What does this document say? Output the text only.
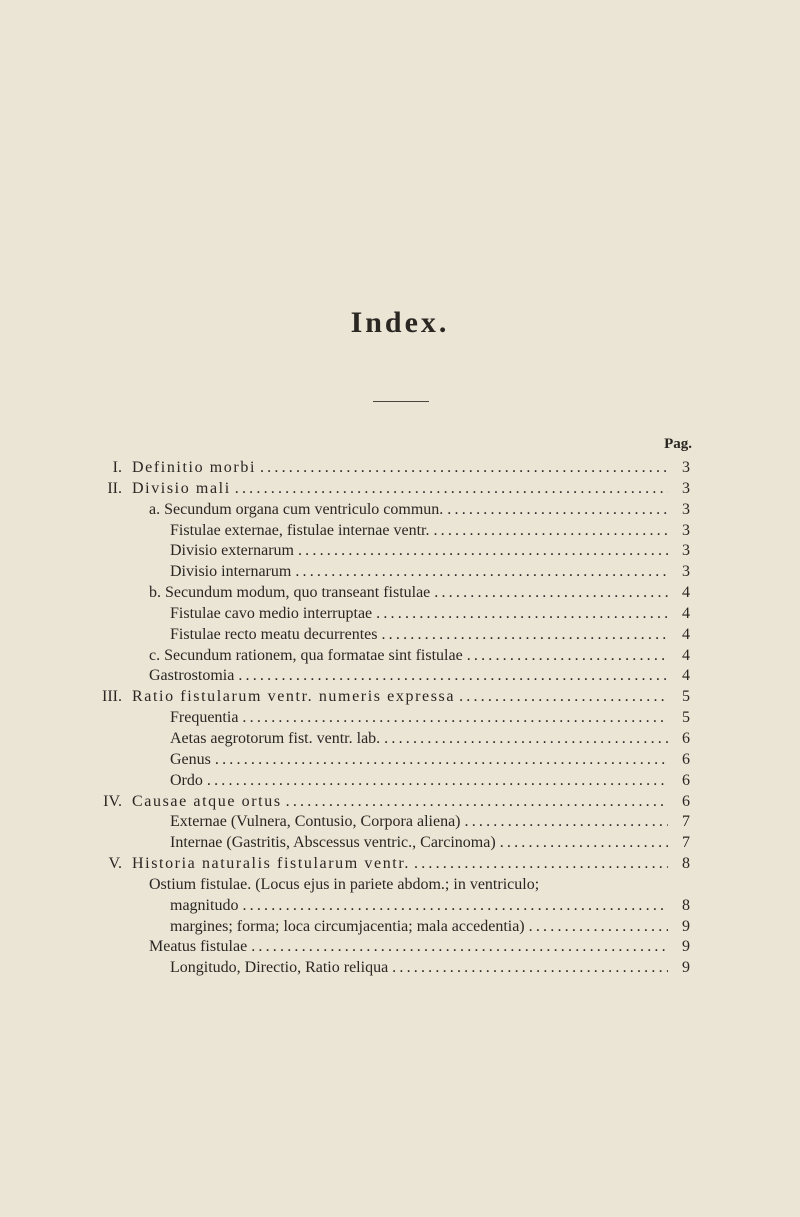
Index.
Pag.
I. Definitio morbi .....	3
II. Divisio mali .....	3
a. Secundum organa cum ventriculo commun. .....	3
Fistulae externae, fistulae internae ventr. .....	3
Divisio externarum .....	3
Divisio internarum .....	3
b. Secundum modum, quo transeant fistulae .....	4
Fistulae cavo medio interruptae .....	4
Fistulae recto meatu decurrentes .....	4
c. Secundum rationem, qua formatae sint fistulae .....	4
Gastrostomia .....	4
III. Ratio fistularum ventr. numeris expressa .....	5
Frequentia .....	5
Aetas aegrotorum fist. ventr. lab. .....	6
Genus .....	6
Ordo .....	6
IV. Causae atque ortus .....	6
Externae (Vulnera, Contusio, Corpora aliena) .....	7
Internae (Gastritis, Abscessus ventric., Carcinoma) .....	7
V. Historia naturalis fistularum ventr. .....	8
Ostium fistulae. (Locus ejus in pariete abdom.; in ventriculo;
magnitudo .....	8
margines; forma; loca circumjacentia; mala accedentia) .....	9
Meatus fistulae .....	9
Longitudo, Directio, Ratio reliqua .....	9
